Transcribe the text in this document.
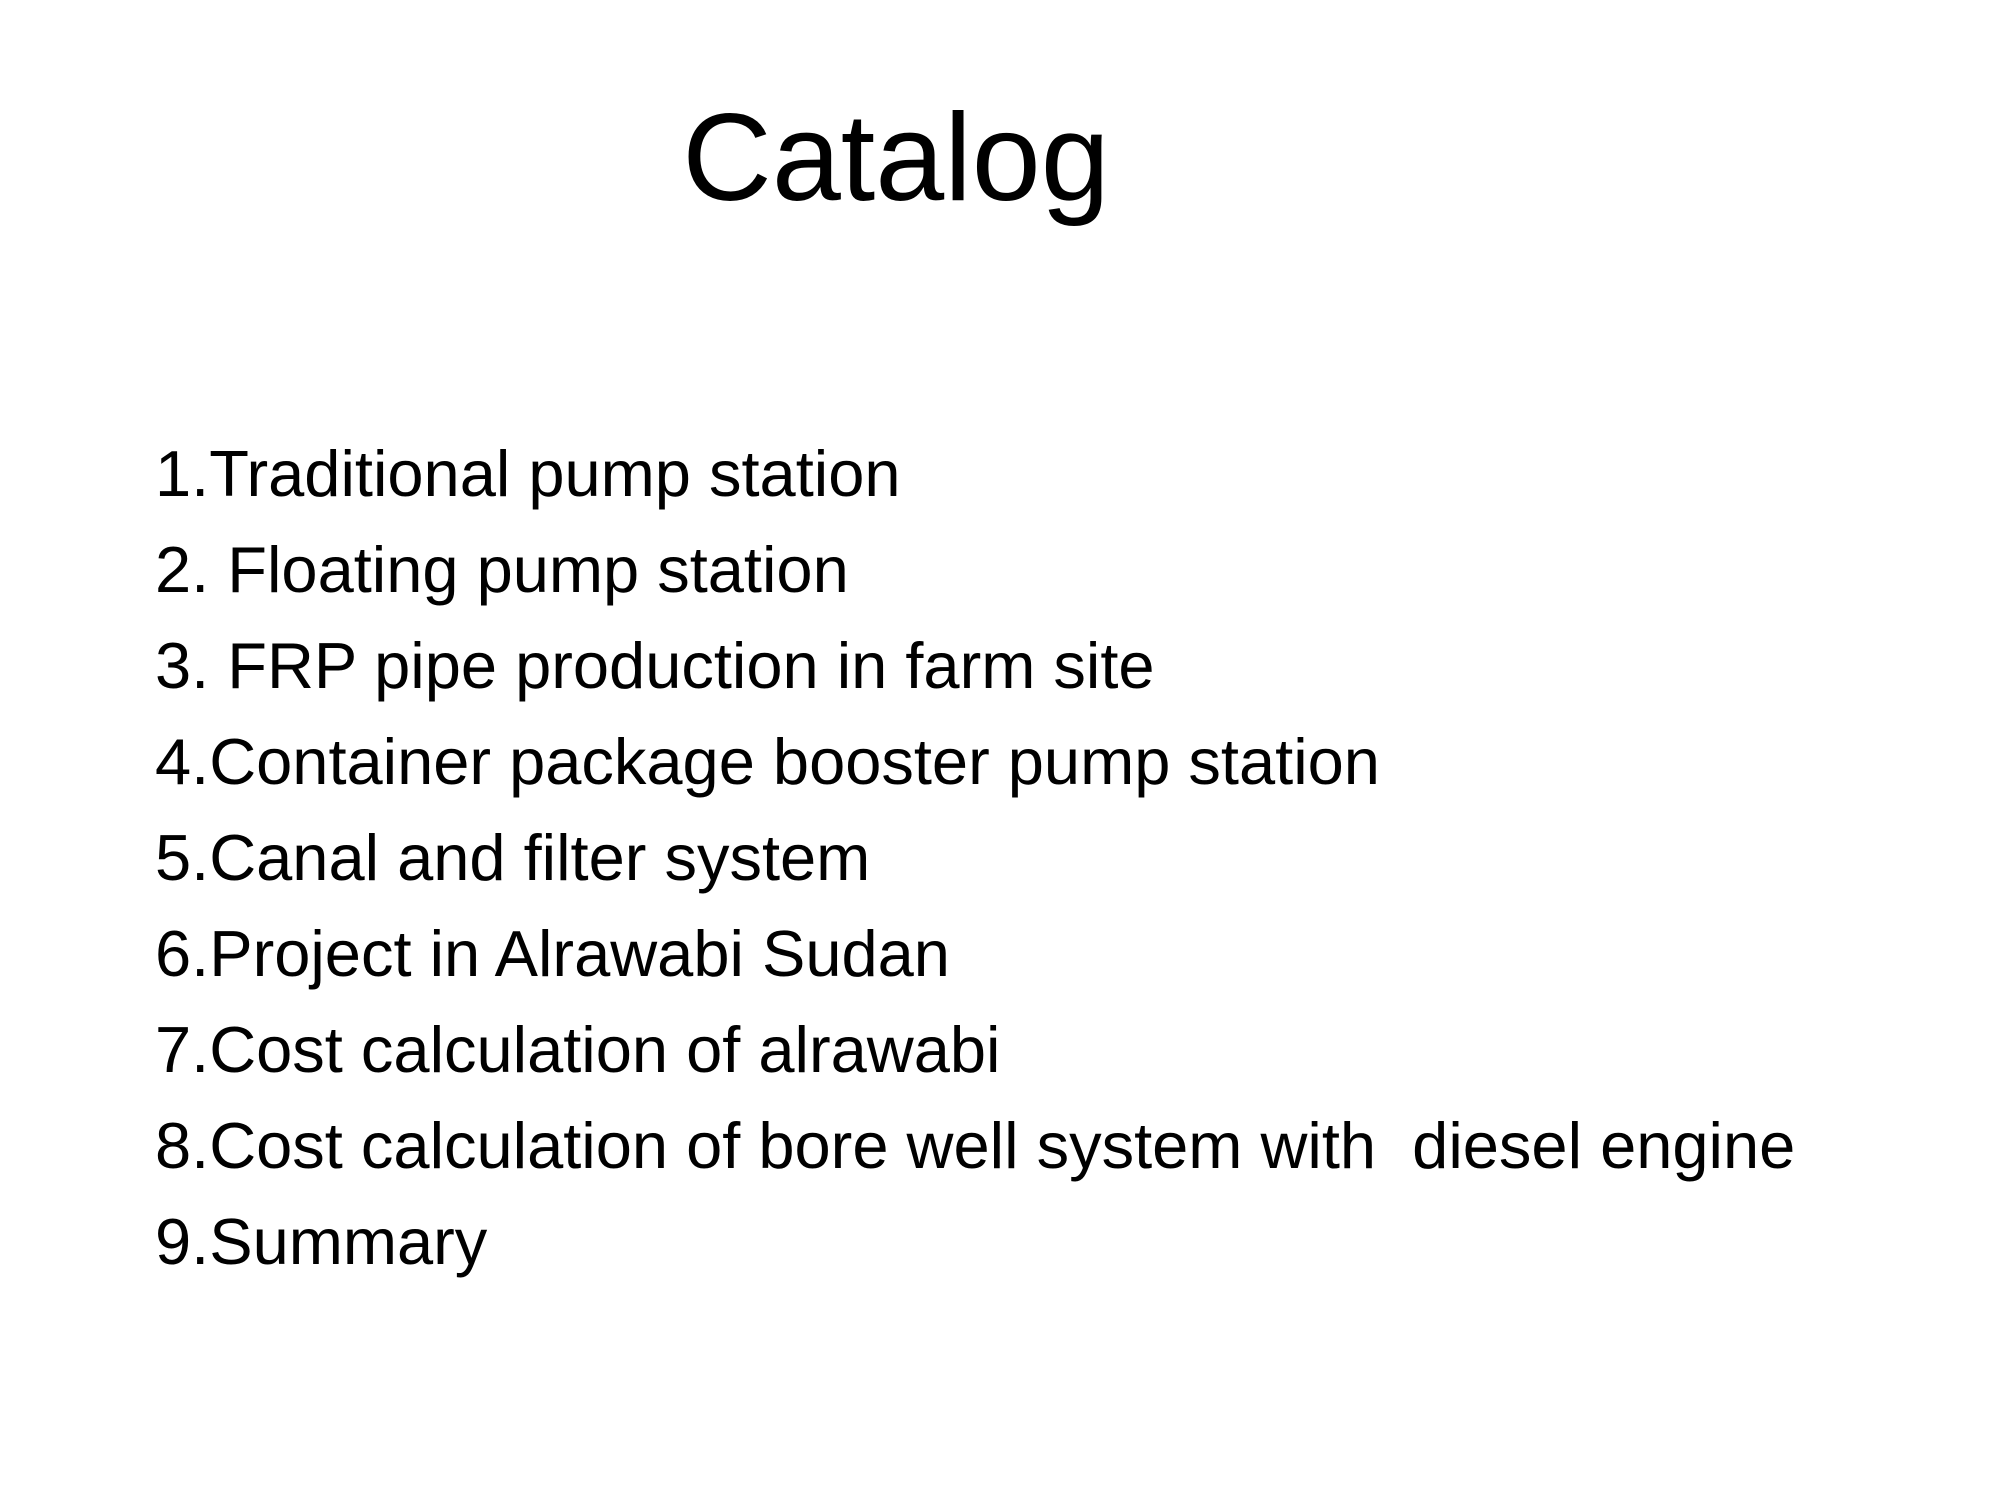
Catalog
1.Traditional pump station
2. Floating pump station
3. FRP pipe production in farm site
4.Container package booster pump station
5.Canal and filter system
6.Project in Alrawabi Sudan
7.Cost calculation of alrawabi
8.Cost calculation of bore well system with  diesel engine
9.Summary
